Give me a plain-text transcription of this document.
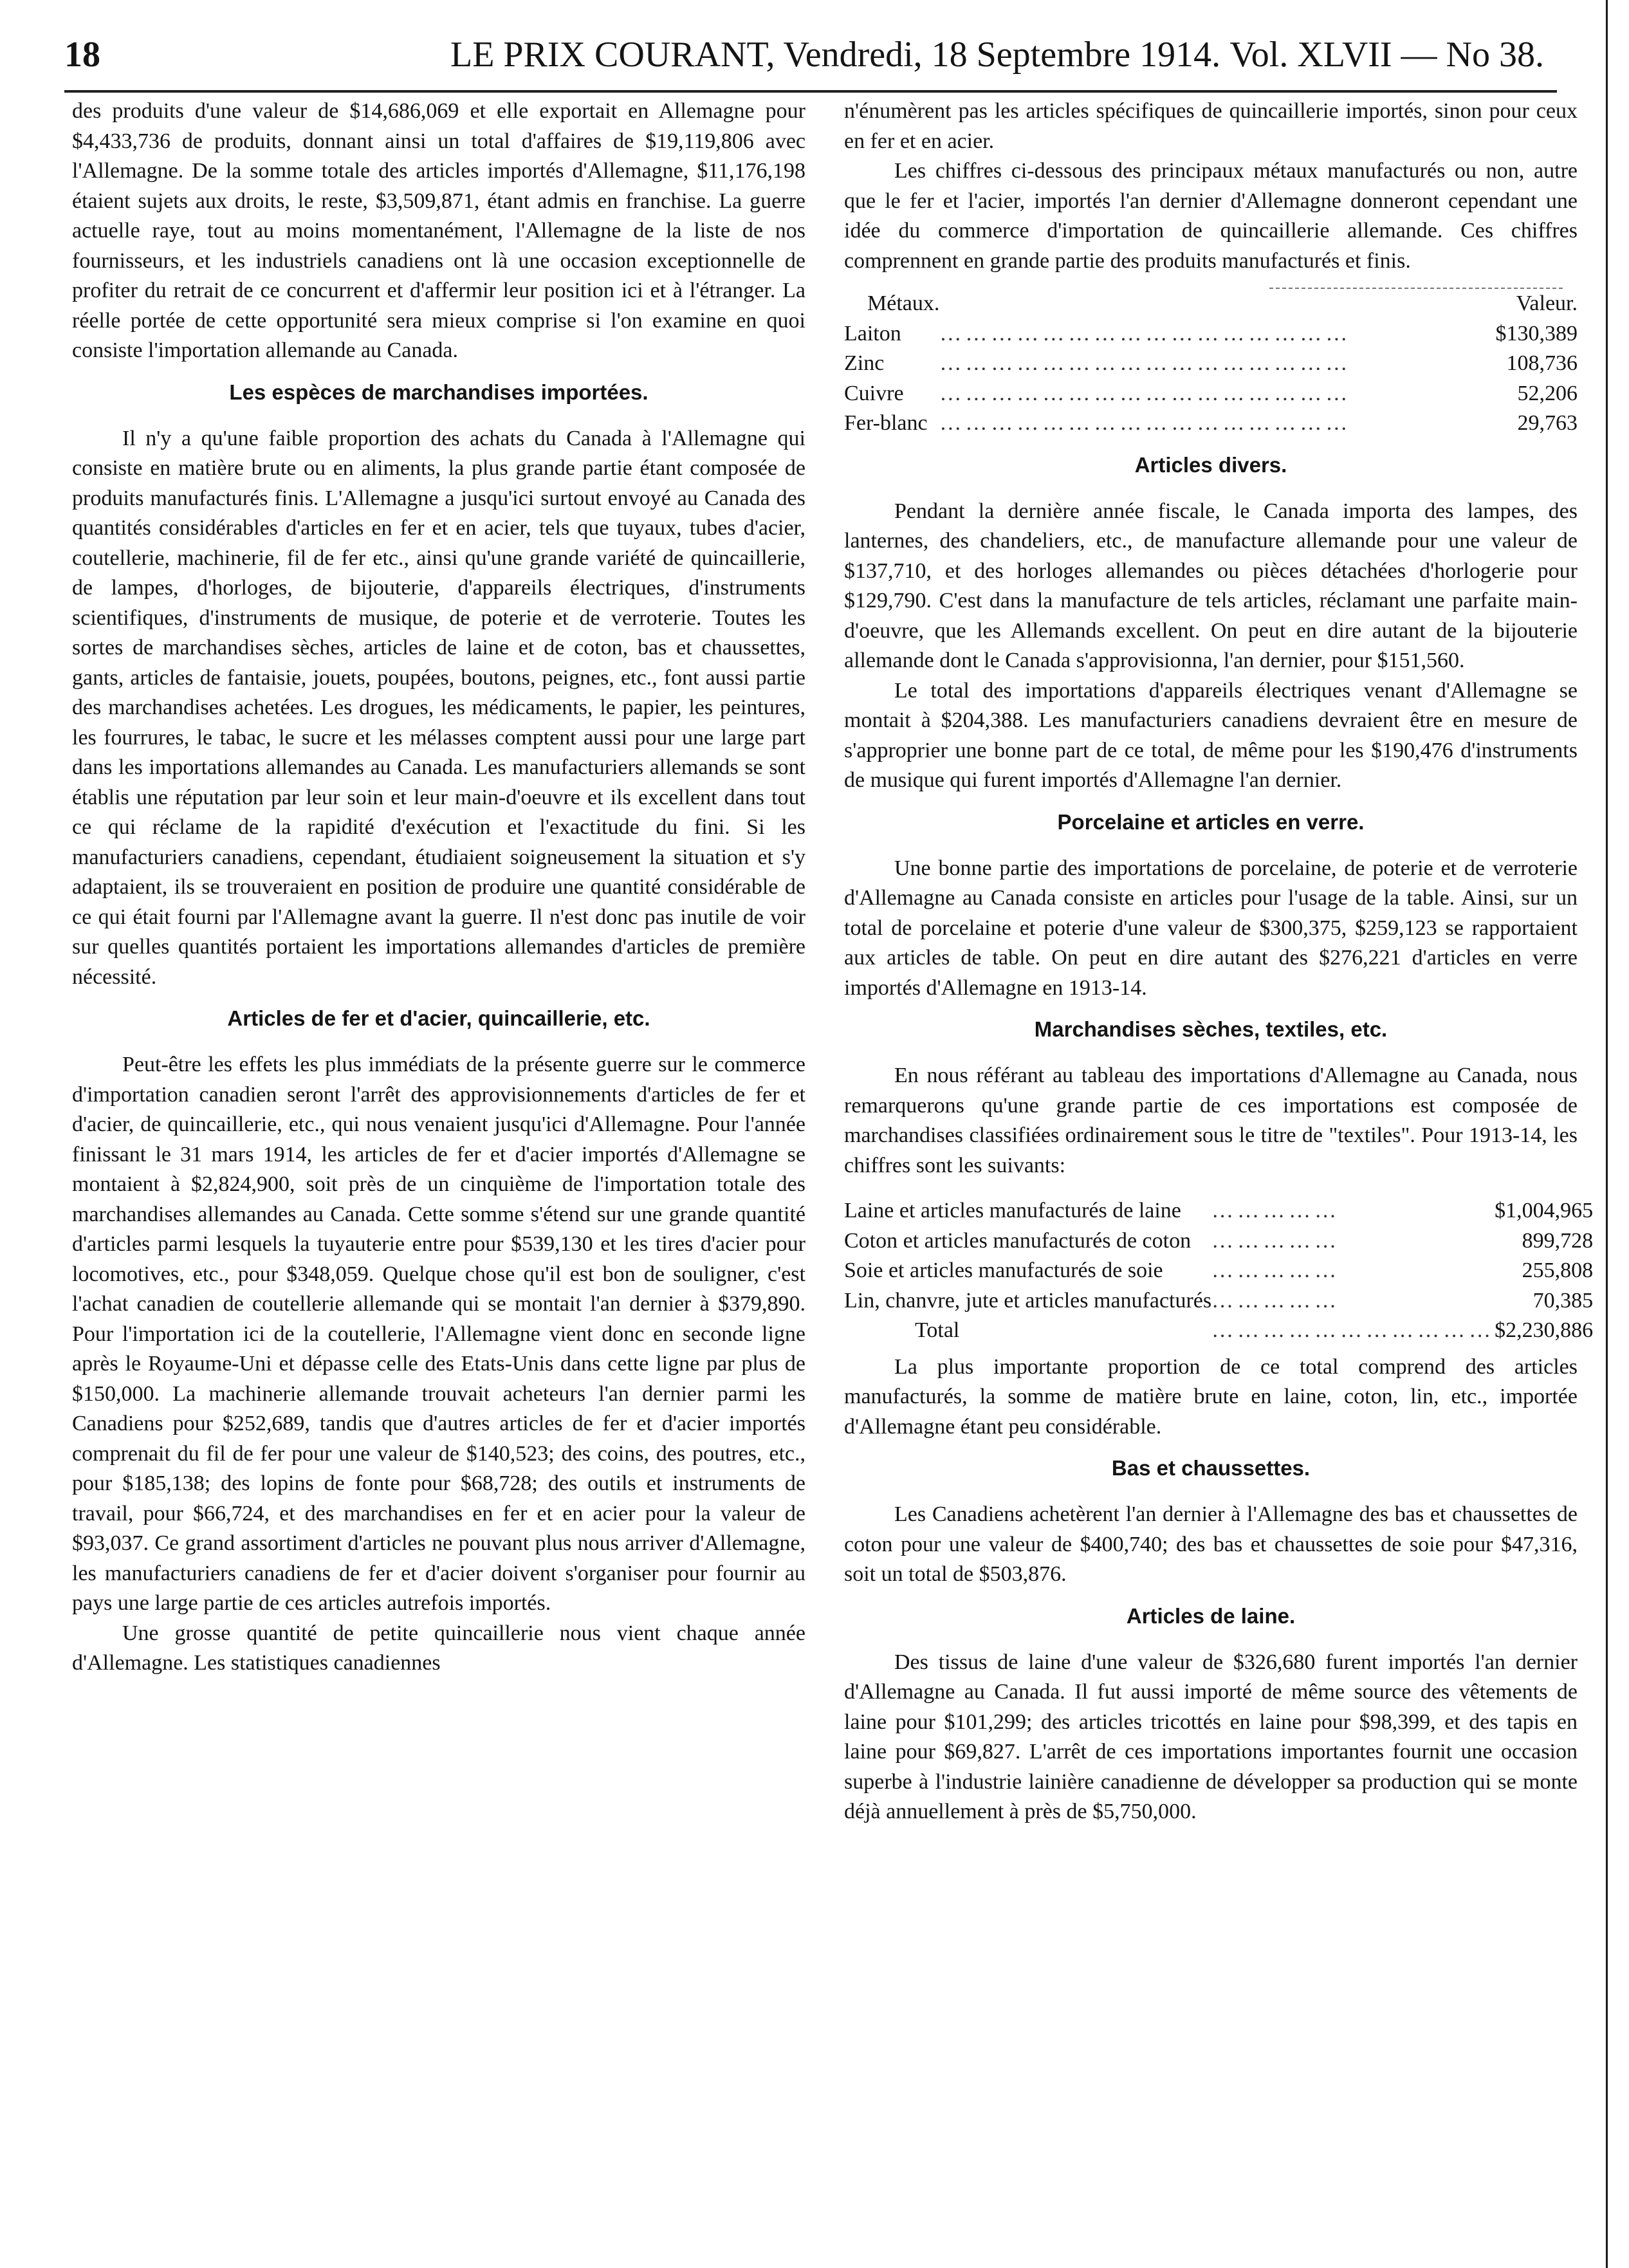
18	LE PRIX COURANT, Vendredi, 18 Septembre 1914. Vol. XLVII — No 38.

des produits d'une valeur de $14,686,069 et elle exportait en Allemagne pour $4,433,736 de produits, donnant ainsi un total d'affaires de $19,119,806 avec l'Allemagne. De la somme totale des articles importés d'Allemagne, $11,176,198 étaient sujets aux droits, le reste, $3,509,871, étant admis en franchise. La guerre actuelle raye, tout au moins momentanément, l'Allemagne de la liste de nos fournisseurs, et les industriels canadiens ont là une occasion exceptionnelle de profiter du retrait de ce concurrent et d'affermir leur position ici et à l'étranger. La réelle portée de cette opportunité sera mieux comprise si l'on examine en quoi consiste l'importation allemande au Canada.

Les espèces de marchandises importées.

Il n'y a qu'une faible proportion des achats du Canada à l'Allemagne qui consiste en matière brute ou en aliments, la plus grande partie étant composée de produits manufacturés finis. L'Allemagne a jusqu'ici surtout envoyé au Canada des quantités considérables d'articles en fer et en acier, tels que tuyaux, tubes d'acier, coutellerie, machinerie, fil de fer etc., ainsi qu'une grande variété de quincaillerie, de lampes, d'horloges, de bijouterie, d'appareils électriques, d'instruments scientifiques, d'instruments de musique, de poterie et de verroterie. Toutes les sortes de marchandises sèches, articles de laine et de coton, bas et chaussettes, gants, articles de fantaisie, jouets, poupées, boutons, peignes, etc., font aussi partie des marchandises achetées. Les drogues, les médicaments, le papier, les peintures, les fourrures, le tabac, le sucre et les mélasses comptent aussi pour une large part dans les importations allemandes au Canada. Les manufacturiers allemands se sont établis une réputation par leur soin et leur main-d'oeuvre et ils excellent dans tout ce qui réclame de la rapidité d'exécution et l'exactitude du fini. Si les manufacturiers canadiens, cependant, étudiaient soigneusement la situation et s'y adaptaient, ils se trouveraient en position de produire une quantité considérable de ce qui était fourni par l'Allemagne avant la guerre. Il n'est donc pas inutile de voir sur quelles quantités portaient les importations allemandes d'articles de première nécessité.

Articles de fer et d'acier, quincaillerie, etc.

Peut-être les effets les plus immédiats de la présente guerre sur le commerce d'importation canadien seront l'arrêt des approvisionnements d'articles de fer et d'acier, de quincaillerie, etc., qui nous venaient jusqu'ici d'Allemagne. Pour l'année finissant le 31 mars 1914, les articles de fer et d'acier importés d'Allemagne se montaient à $2,824,900, soit près de un cinquième de l'importation totale des marchandises allemandes au Canada. Cette somme s'étend sur une grande quantité d'articles parmi lesquels la tuyauterie entre pour $539,130 et les tires d'acier pour locomotives, etc., pour $348,059. Quelque chose qu'il est bon de souligner, c'est l'achat canadien de coutellerie allemande qui se montait l'an dernier à $379,890. Pour l'importation ici de la coutellerie, l'Allemagne vient donc en seconde ligne après le Royaume-Uni et dépasse celle des Etats-Unis dans cette ligne par plus de $150,000. La machinerie allemande trouvait acheteurs l'an dernier parmi les Canadiens pour $252,689, tandis que d'autres articles de fer et d'acier importés comprenait du fil de fer pour une valeur de $140,523; des coins, des poutres, etc., pour $185,138; des lopins de fonte pour $68,728; des outils et instruments de travail, pour $66,724, et des marchandises en fer et en acier pour la valeur de $93,037. Ce grand assortiment d'articles ne pouvant plus nous arriver d'Allemagne, les manufacturiers canadiens de fer et d'acier doivent s'organiser pour fournir au pays une large partie de ces articles autrefois importés.

Une grosse quantité de petite quincaillerie nous vient chaque année d'Allemagne. Les statistiques canadiennes

n'énumèrent pas les articles spécifiques de quincaillerie importés, sinon pour ceux en fer et en acier.

Les chiffres ci-dessous des principaux métaux manufacturés ou non, autre que le fer et l'acier, importés l'an dernier d'Allemagne donneront cependant une idée du commerce d'importation de quincaillerie allemande. Ces chiffres comprennent en grande partie des produits manufacturés et finis.

Métaux.		Valeur.
Laiton	…………………………………………	$130,389
Zinc	…………………………………………	108,736
Cuivre	…………………………………………	52,206
Fer-blanc	…………………………………………	29,763
Articles divers.

Pendant la dernière année fiscale, le Canada importa des lampes, des lanternes, des chandeliers, etc., de manufacture allemande pour une valeur de $137,710, et des horloges allemandes ou pièces détachées d'horlogerie pour $129,790. C'est dans la manufacture de tels articles, réclamant une parfaite main-d'oeuvre, que les Allemands excellent. On peut en dire autant de la bijouterie allemande dont le Canada s'approvisionna, l'an dernier, pour $151,560.

Le total des importations d'appareils électriques venant d'Allemagne se montait à $204,388. Les manufacturiers canadiens devraient être en mesure de s'approprier une bonne part de ce total, de même pour les $190,476 d'instruments de musique qui furent importés d'Allemagne l'an dernier.

Porcelaine et articles en verre.

Une bonne partie des importations de porcelaine, de poterie et de verroterie d'Allemagne au Canada consiste en articles pour l'usage de la table. Ainsi, sur un total de porcelaine et poterie d'une valeur de $300,375, $259,123 se rapportaient aux articles de table. On peut en dire autant des $276,221 d'articles en verre importés d'Allemagne en 1913-14.

Marchandises sèches, textiles, etc.

En nous référant au tableau des importations d'Allemagne au Canada, nous remarquerons qu'une grande partie de ces importations est composée de marchandises classifiées ordinairement sous le titre de "textiles". Pour 1913-14, les chiffres sont les suivants:

Laine et articles manufacturés de laine	……………	$1,004,965
Coton et articles manufacturés de coton	……………	899,728
Soie et articles manufacturés de soie	……………	255,808
Lin, chanvre, jute et articles manufacturés	……………	70,385
Total	……………………………	$2,230,886

La plus importante proportion de ce total comprend des articles manufacturés, la somme de matière brute en laine, coton, lin, etc., importée d'Allemagne étant peu considérable.

Bas et chaussettes.

Les Canadiens achetèrent l'an dernier à l'Allemagne des bas et chaussettes de coton pour une valeur de $400,740; des bas et chaussettes de soie pour $47,316, soit un total de $503,876.

Articles de laine.

Des tissus de laine d'une valeur de $326,680 furent importés l'an dernier d'Allemagne au Canada. Il fut aussi importé de même source des vêtements de laine pour $101,299; des articles tricottés en laine pour $98,399, et des tapis en laine pour $69,827. L'arrêt de ces importations importantes fournit une occasion superbe à l'industrie lainière canadienne de développer sa production qui se monte déjà annuellement à près de $5,750,000.
